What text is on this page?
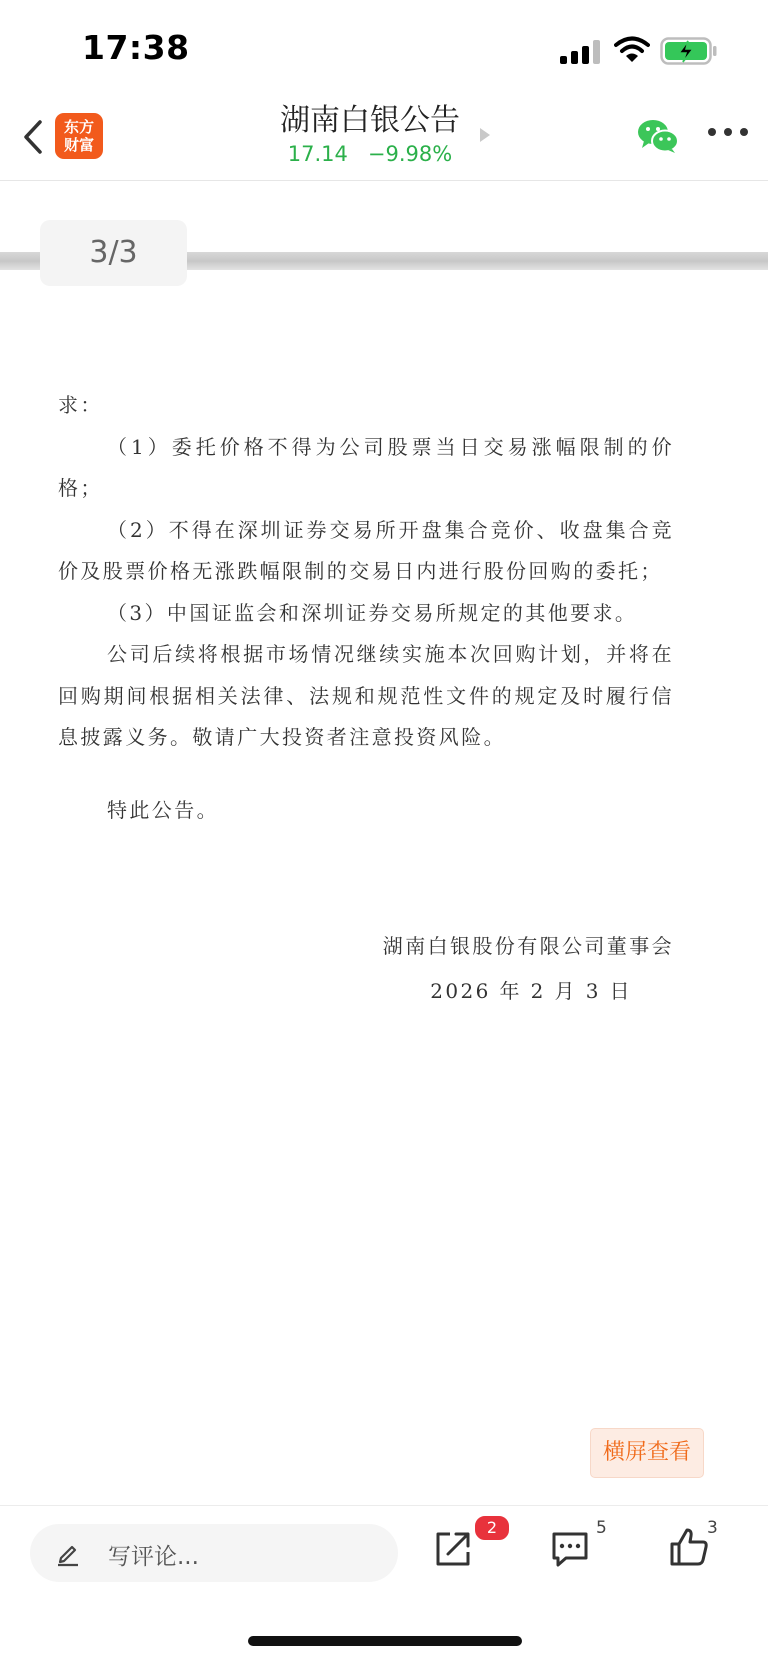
17:38
东方
财富
湖南白银公告
17.14 −9.98%
3/3

求：

（1）委托价格不得为公司股票当日交易涨幅限制的价格；

（2）不得在深圳证券交易所开盘集合竞价、收盘集合竞价及股票价格无涨跌幅限制的交易日内进行股份回购的委托；

（3）中国证监会和深圳证券交易所规定的其他要求。

公司后续将根据市场情况继续实施本次回购计划，并将在回购期间根据相关法律、法规和规范性文件的规定及时履行信息披露义务。敬请广大投资者注意投资风险。

特此公告。

湖南白银股份有限公司董事会
2026 年 2 月 3 日
横屏查看
写评论...
2	5	3
